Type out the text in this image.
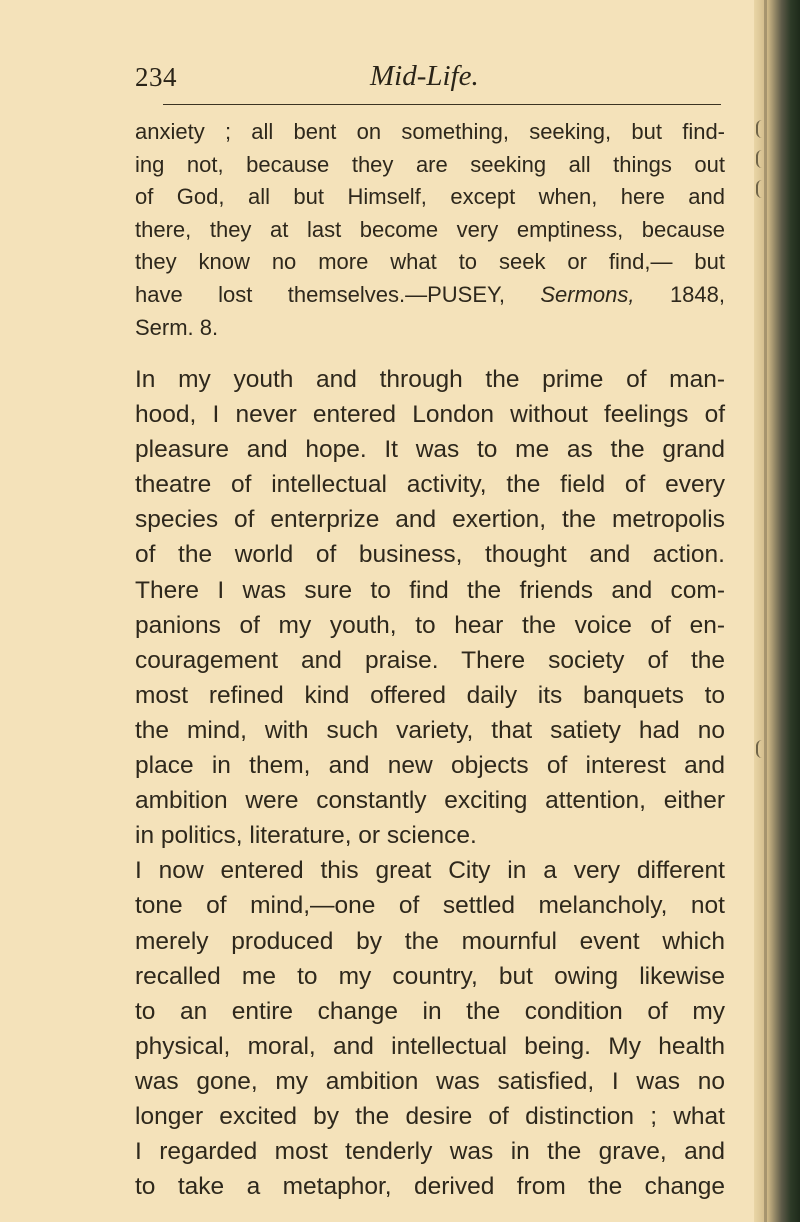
234	Mid-Life.
anxiety ; all bent on something, seeking, but find-
ing not, because they are seeking all things out
of God, all but Himself, except when, here and
there, they at last become very emptiness, because
they know no more what to seek or find,— but
have lost themselves.—PUSEY, Sermons, 1848,
Serm. 8.
In my youth and through the prime of man-
hood, I never entered London without feelings of
pleasure and hope. It was to me as the grand
theatre of intellectual activity, the field of every
species of enterprize and exertion, the metropolis
of the world of business, thought and action.
There I was sure to find the friends and com-
panions of my youth, to hear the voice of en-
couragement and praise. There society of the
most refined kind offered daily its banquets to
the mind, with such variety, that satiety had no
place in them, and new objects of interest and
ambition were constantly exciting attention, either
in politics, literature, or science.
I now entered this great City in a very different
tone of mind,—one of settled melancholy, not
merely produced by the mournful event which
recalled me to my country, but owing likewise
to an entire change in the condition of my
physical, moral, and intellectual being. My health
was gone, my ambition was satisfied, I was no
longer excited by the desire of distinction ; what
I regarded most tenderly was in the grave, and
to take a metaphor, derived from the change
